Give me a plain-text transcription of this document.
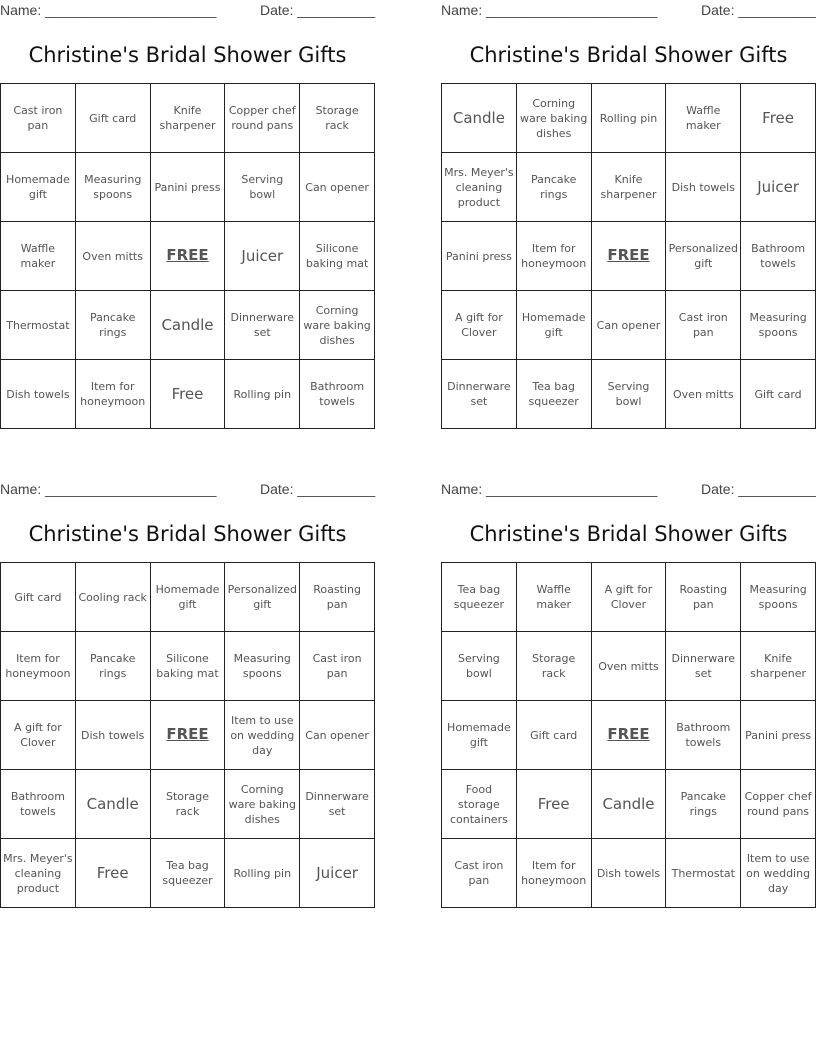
Name: ______________________	Date: __________
Christine's Bridal Shower Gifts
Cast iron pan	Gift card	Knife sharpener	Copper chef round pans	Storage rack
Homemade gift	Measuring spoons	Panini press	Serving bowl	Can opener
Waffle maker	Oven mitts	FREE	Juicer	Silicone baking mat
Thermostat	Pancake rings	Candle	Dinnerware set	Corning ware baking dishes
Dish towels	Item for honeymoon	Free	Rolling pin	Bathroom towels
Name: ______________________	Date: __________
Christine's Bridal Shower Gifts
Candle	Corning ware baking dishes	Rolling pin	Waffle maker	Free
Mrs. Meyer's cleaning product	Pancake rings	Knife sharpener	Dish towels	Juicer
Panini press	Item for honeymoon	FREE	Personalized gift	Bathroom towels
A gift for Clover	Homemade gift	Can opener	Cast iron pan	Measuring spoons
Dinnerware set	Tea bag squeezer	Serving bowl	Oven mitts	Gift card
Name: ______________________	Date: __________
Christine's Bridal Shower Gifts
Gift card	Cooling rack	Homemade gift	Personalized gift	Roasting pan
Item for honeymoon	Pancake rings	Silicone baking mat	Measuring spoons	Cast iron pan
A gift for Clover	Dish towels	FREE	Item to use on wedding day	Can opener
Bathroom towels	Candle	Storage rack	Corning ware baking dishes	Dinnerware set
Mrs. Meyer's cleaning product	Free	Tea bag squeezer	Rolling pin	Juicer
Name: ______________________	Date: __________
Christine's Bridal Shower Gifts
Tea bag squeezer	Waffle maker	A gift for Clover	Roasting pan	Measuring spoons
Serving bowl	Storage rack	Oven mitts	Dinnerware set	Knife sharpener
Homemade gift	Gift card	FREE	Bathroom towels	Panini press
Food storage containers	Free	Candle	Pancake rings	Copper chef round pans
Cast iron pan	Item for honeymoon	Dish towels	Thermostat	Item to use on wedding day
